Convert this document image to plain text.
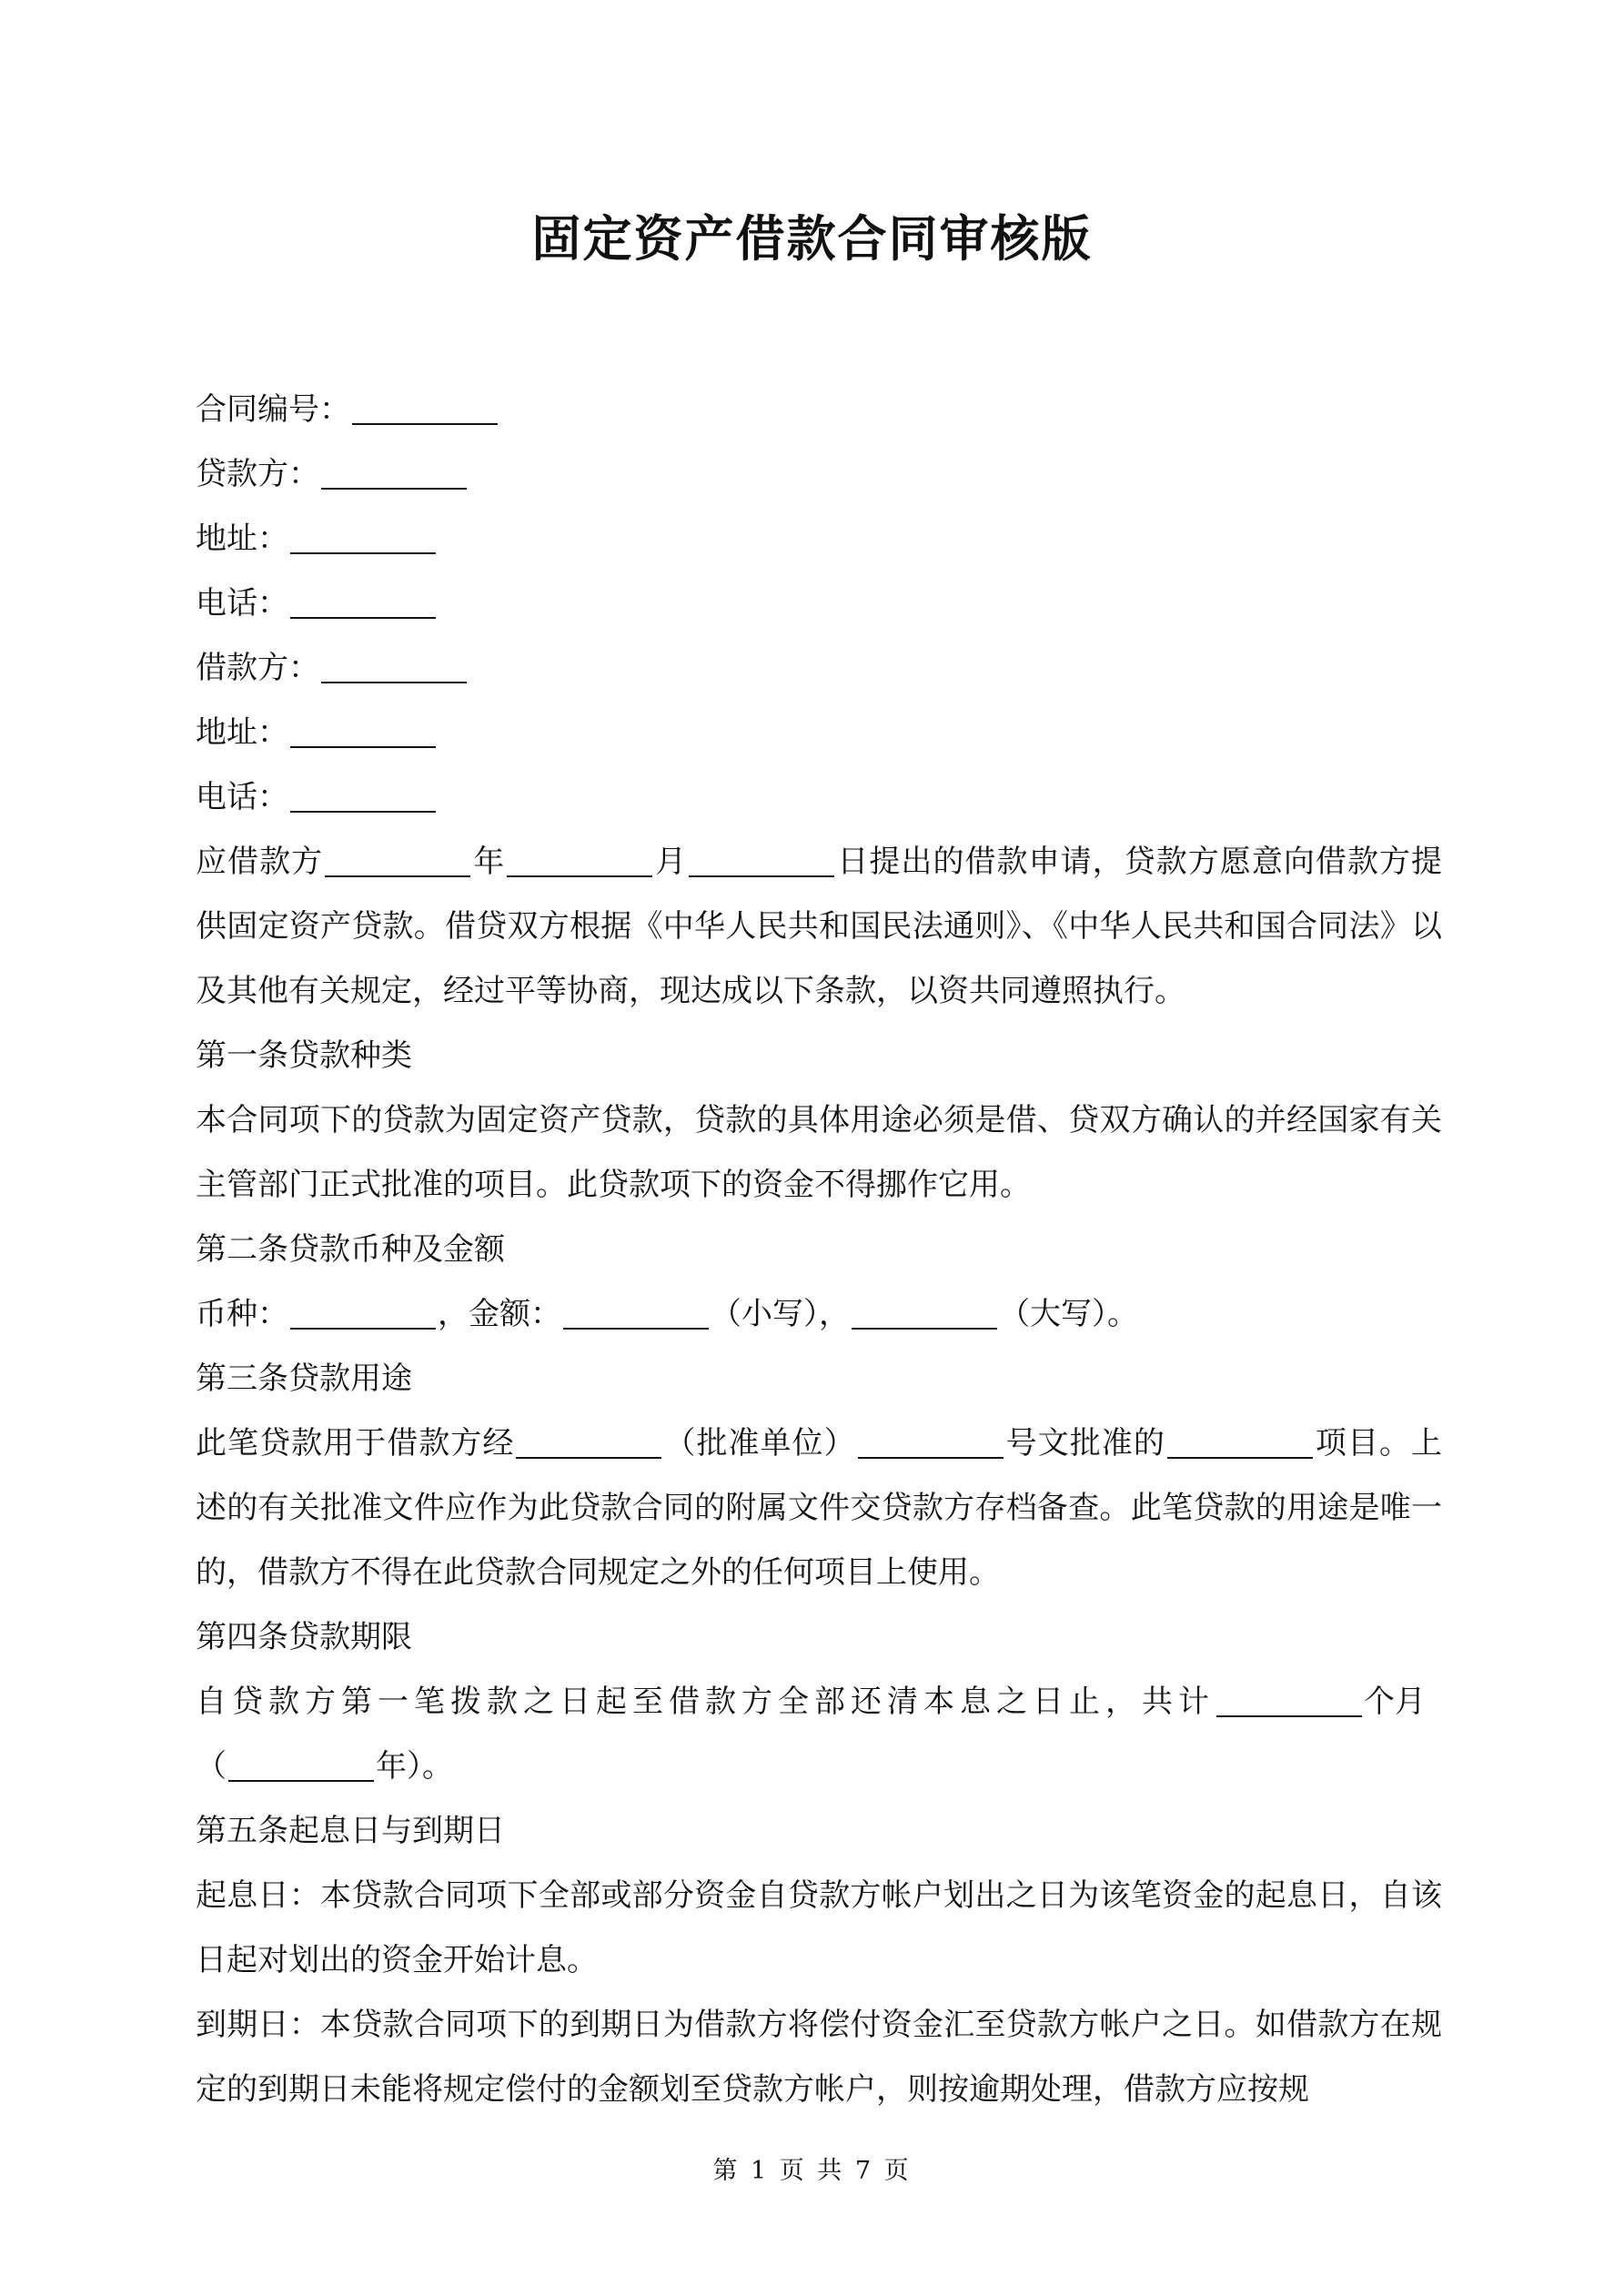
固定资产借款合同审核版
合同编号：
贷款方：
地址：
电话：
借款方：
地址：
电话：
应借款方	年	月	日提出的借款申请，贷款方愿意向借款方提供固定资产贷款。借贷双方根据《中华人民共和国民法通则》、《中华人民共和国合同法》以及其他有关规定，经过平等协商，现达成以下条款，以资共同遵照执行。
第一条贷款种类
本合同项下的贷款为固定资产贷款，贷款的具体用途必须是借、贷双方确认的并经国家有关主管部门正式批准的项目。此贷款项下的资金不得挪作它用。
第二条贷款币种及金额
币种：	，金额：	（小写），	（大写）。
第三条贷款用途
此笔贷款用于借款方经	（批准单位）	号文批准的	项目。上述的有关批准文件应作为此贷款合同的附属文件交贷款方存档备查。此笔贷款的用途是唯一的，借款方不得在此贷款合同规定之外的任何项目上使用。
第四条贷款期限
自贷款方第一笔拨款之日起至借款方全部还清本息之日止，共计	个月
（	年）。
第五条起息日与到期日
起息日：本贷款合同项下全部或部分资金自贷款方帐户划出之日为该笔资金的起息日，自该日起对划出的资金开始计息。
到期日：本贷款合同项下的到期日为借款方将偿付资金汇至贷款方帐户之日。如借款方在规定的到期日未能将规定偿付的金额划至贷款方帐户，则按逾期处理，借款方应按规
第 1 页 共 7 页
